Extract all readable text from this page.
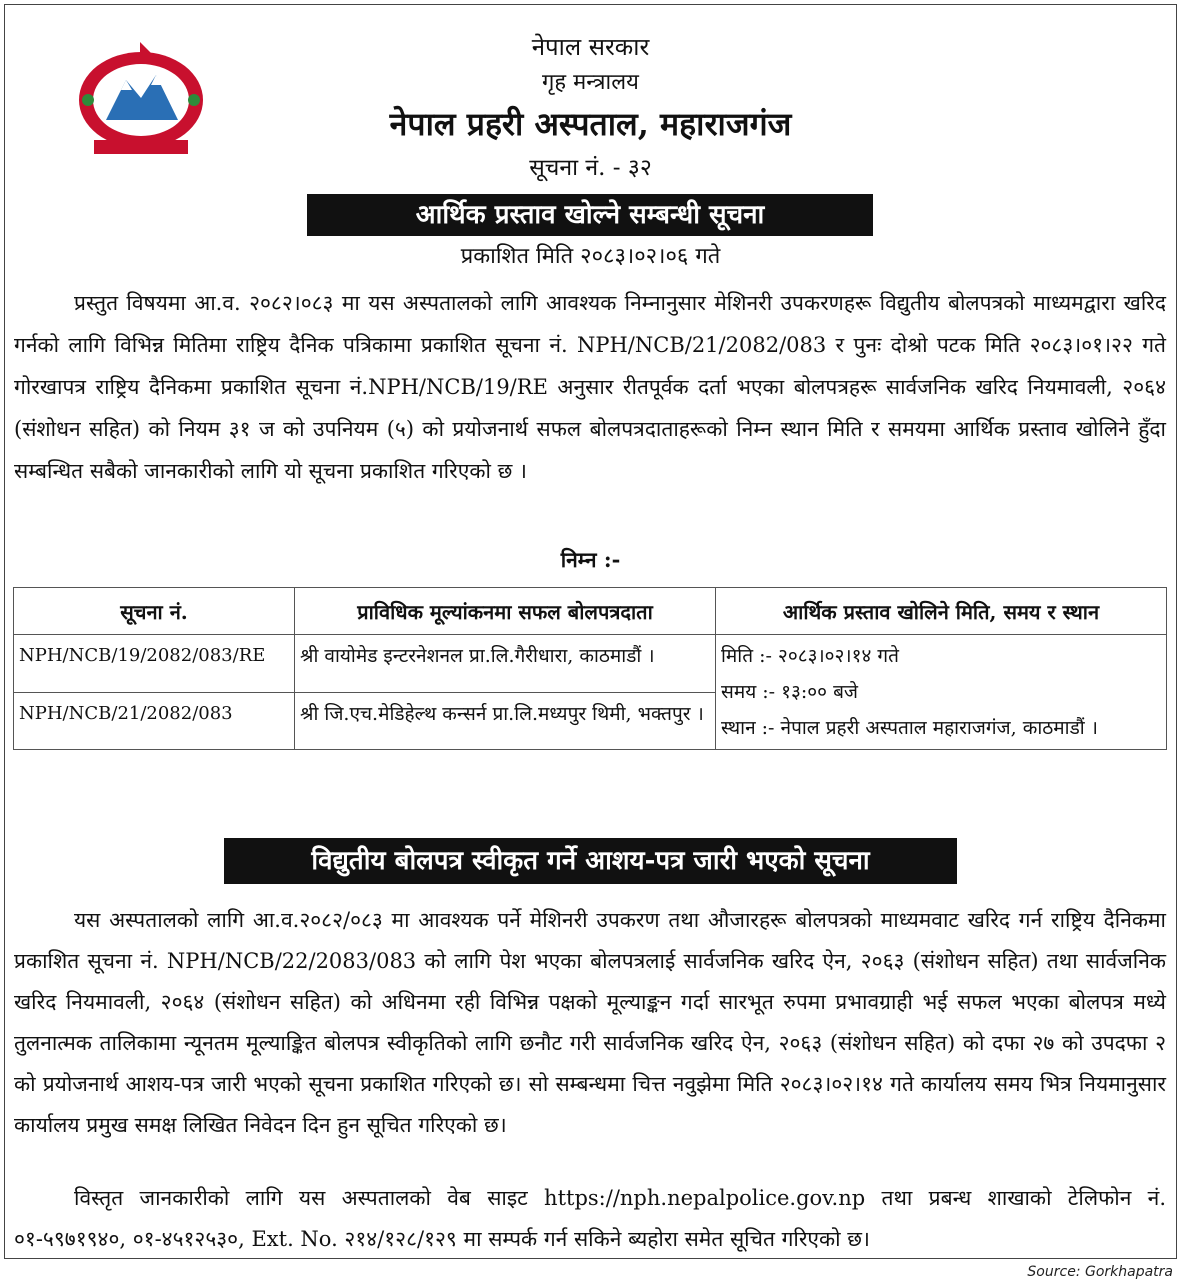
नेपाल सरकार
गृह मन्त्रालय
नेपाल प्रहरी अस्पताल, महाराजगंज
सूचना नं. - ३२
आर्थिक प्रस्ताव खोल्ने सम्बन्धी सूचना
प्रकाशित मिति २०८३।०२।०६ गते
प्रस्तुत विषयमा आ.व. २०८२।०८३ मा यस अस्पतालको लागि आवश्यक निम्नानुसार मेशिनरी उपकरणहरू विद्युतीय बोलपत्रको माध्यमद्वारा खरिद गर्नको लागि विभिन्न मितिमा राष्ट्रिय दैनिक पत्रिकामा प्रकाशित सूचना नं. NPH/NCB/21/2082/083 र पुनः दोश्रो पटक मिति २०८३।०१।२२ गते गोरखापत्र राष्ट्रिय दैनिकमा प्रकाशित सूचना नं.NPH/NCB/19/RE अनुसार रीतपूर्वक दर्ता भएका बोलपत्रहरू सार्वजनिक खरिद नियमावली, २०६४ (संशोधन सहित) को नियम ३१ ज को उपनियम (५) को प्रयोजनार्थ सफल बोलपत्रदाताहरूको निम्न स्थान मिति र समयमा आर्थिक प्रस्ताव खोलिने हुँदा सम्बन्धित सबैको जानकारीको लागि यो सूचना प्रकाशित गरिएको छ ।
निम्न :-
सूचना नं.	प्राविधिक मूल्यांकनमा सफल बोलपत्रदाता	आर्थिक प्रस्ताव खोलिने मिति, समय र स्थान
NPH/NCB/19/2082/083/RE	श्री वायोमेड इन्टरनेशनल प्रा.लि.गैरीधारा, काठमाडौं ।	मिति :- २०८३।०२।१४ गते
समय :- १३:०० बजे
स्थान :- नेपाल प्रहरी अस्पताल महाराजगंज, काठमाडौं ।

NPH/NCB/21/2082/083	श्री जि.एच.मेडिहेल्थ कन्सर्न प्रा.लि.मध्यपुर थिमी, भक्तपुर ।	
विद्युतीय बोलपत्र स्वीकृत गर्ने आशय-पत्र जारी भएको सूचना
यस अस्पतालको लागि आ.व.२०८२/०८३ मा आवश्यक पर्ने मेशिनरी उपकरण तथा औजारहरू बोलपत्रको माध्यमवाट खरिद गर्न राष्ट्रिय दैनिकमा प्रकाशित सूचना नं. NPH/NCB/22/2083/083 को लागि पेश भएका बोलपत्रलाई सार्वजनिक खरिद ऐन, २०६३ (संशोधन सहित) तथा सार्वजनिक खरिद नियमावली, २०६४ (संशोधन सहित) को अधिनमा रही विभिन्न पक्षको मूल्याङ्कन गर्दा सारभूत रुपमा प्रभावग्राही भई सफल भएका बोलपत्र मध्ये तुलनात्मक तालिकामा न्यूनतम मूल्याङ्कित बोलपत्र स्वीकृतिको लागि छनौट गरी सार्वजनिक खरिद ऐन, २०६३ (संशोधन सहित) को दफा २७ को उपदफा २ को प्रयोजनार्थ आशय-पत्र जारी भएको सूचना प्रकाशित गरिएको छ। सो सम्बन्धमा चित्त नवुझेमा मिति २०८३।०२।१४ गते कार्यालय समय भित्र नियमानुसार कार्यालय प्रमुख समक्ष लिखित निवेदन दिन हुन सूचित गरिएको छ।
विस्तृत जानकारीको लागि यस अस्पतालको वेब साइट https://nph.nepalpolice.gov.np तथा प्रबन्ध शाखाको टेलिफोन नं. ०१-५९७१९४०, ०१-४५१२५३०, Ext. No. २१४/१२८/१२९ मा सम्पर्क गर्न सकिने ब्यहोरा समेत सूचित गरिएको छ।
Source: Gorkhapatra
